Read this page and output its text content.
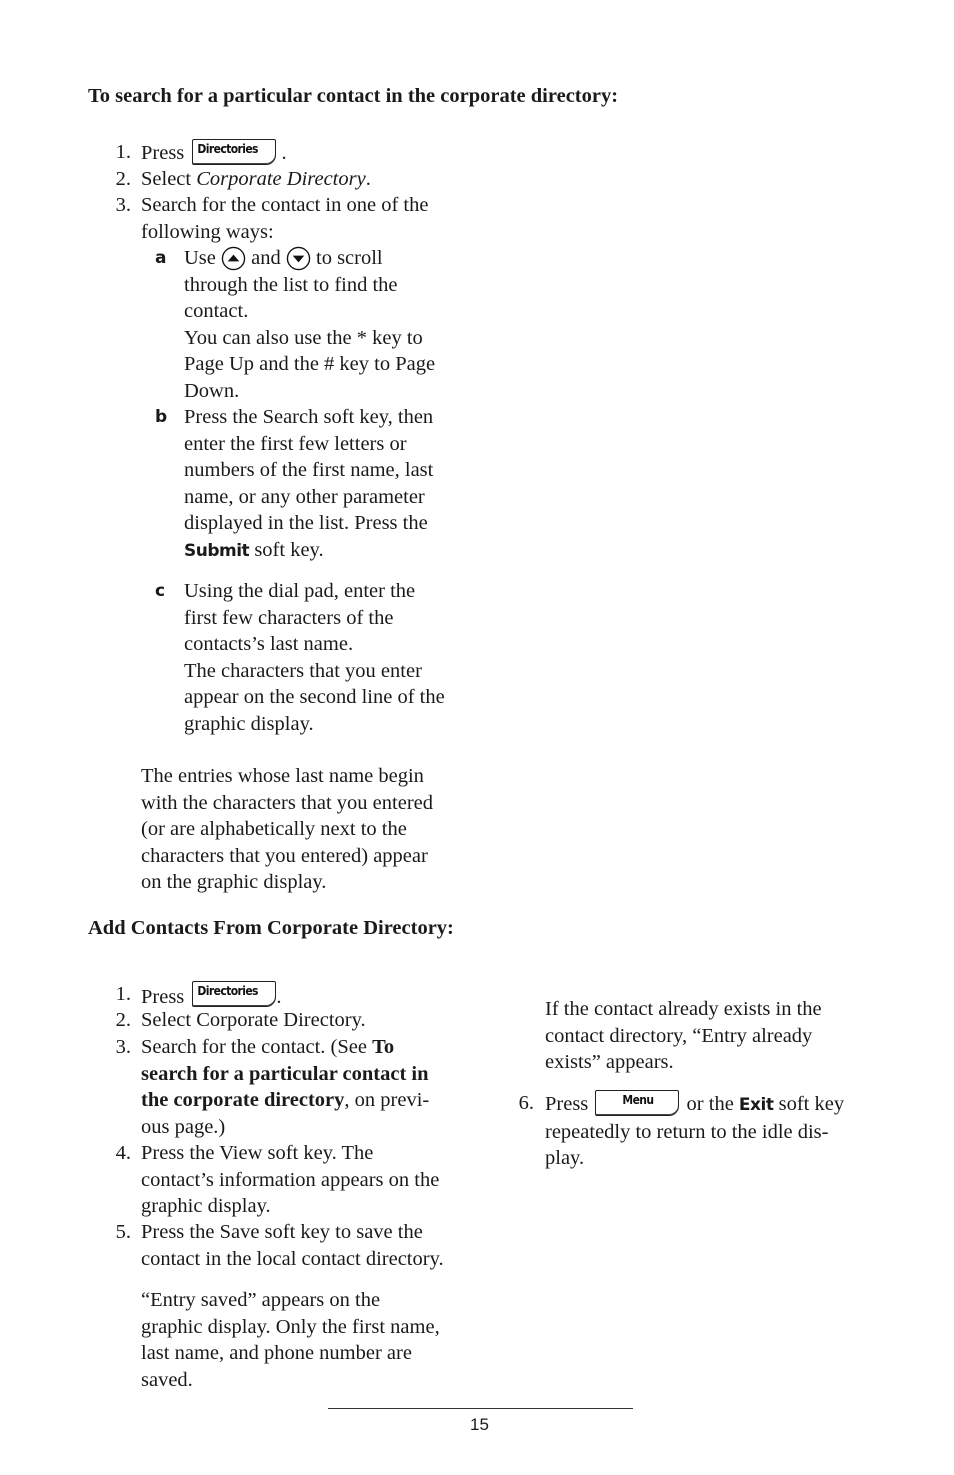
To search for a particular contact in the corporate directory:
1. Press Directories .
2. Select Corporate Directory.
3. Search for the contact in one of the
following ways:
a Use and to scroll
through the list to find the
contact.
You can also use the * key to
Page Up and the # key to Page
Down.
b Press the Search soft key, then
enter the first few letters or
numbers of the first name, last
name, or any other parameter
displayed in the list. Press the
Submit soft key.
c Using the dial pad, enter the
first few characters of the
contacts’s last name.
The characters that you enter
appear on the second line of the
graphic display.
The entries whose last name begin
with the characters that you entered
(or are alphabetically next to the
characters that you entered) appear
on the graphic display.
Add Contacts From Corporate Directory:
1. Press Directories .
2. Select Corporate Directory.
3. Search for the contact. (See To
search for a particular contact in
the corporate directory, on previ-
ous page.)
4. Press the View soft key. The
contact’s information appears on the
graphic display.
5. Press the Save soft key to save the
contact in the local contact directory.
“Entry saved” appears on the
graphic display. Only the first name,
last name, and phone number are
saved.
If the contact already exists in the
contact directory, “Entry already
exists” appears.
6. Press	Menu or the Exit soft key
repeatedly to return to the idle dis-
play.
15
